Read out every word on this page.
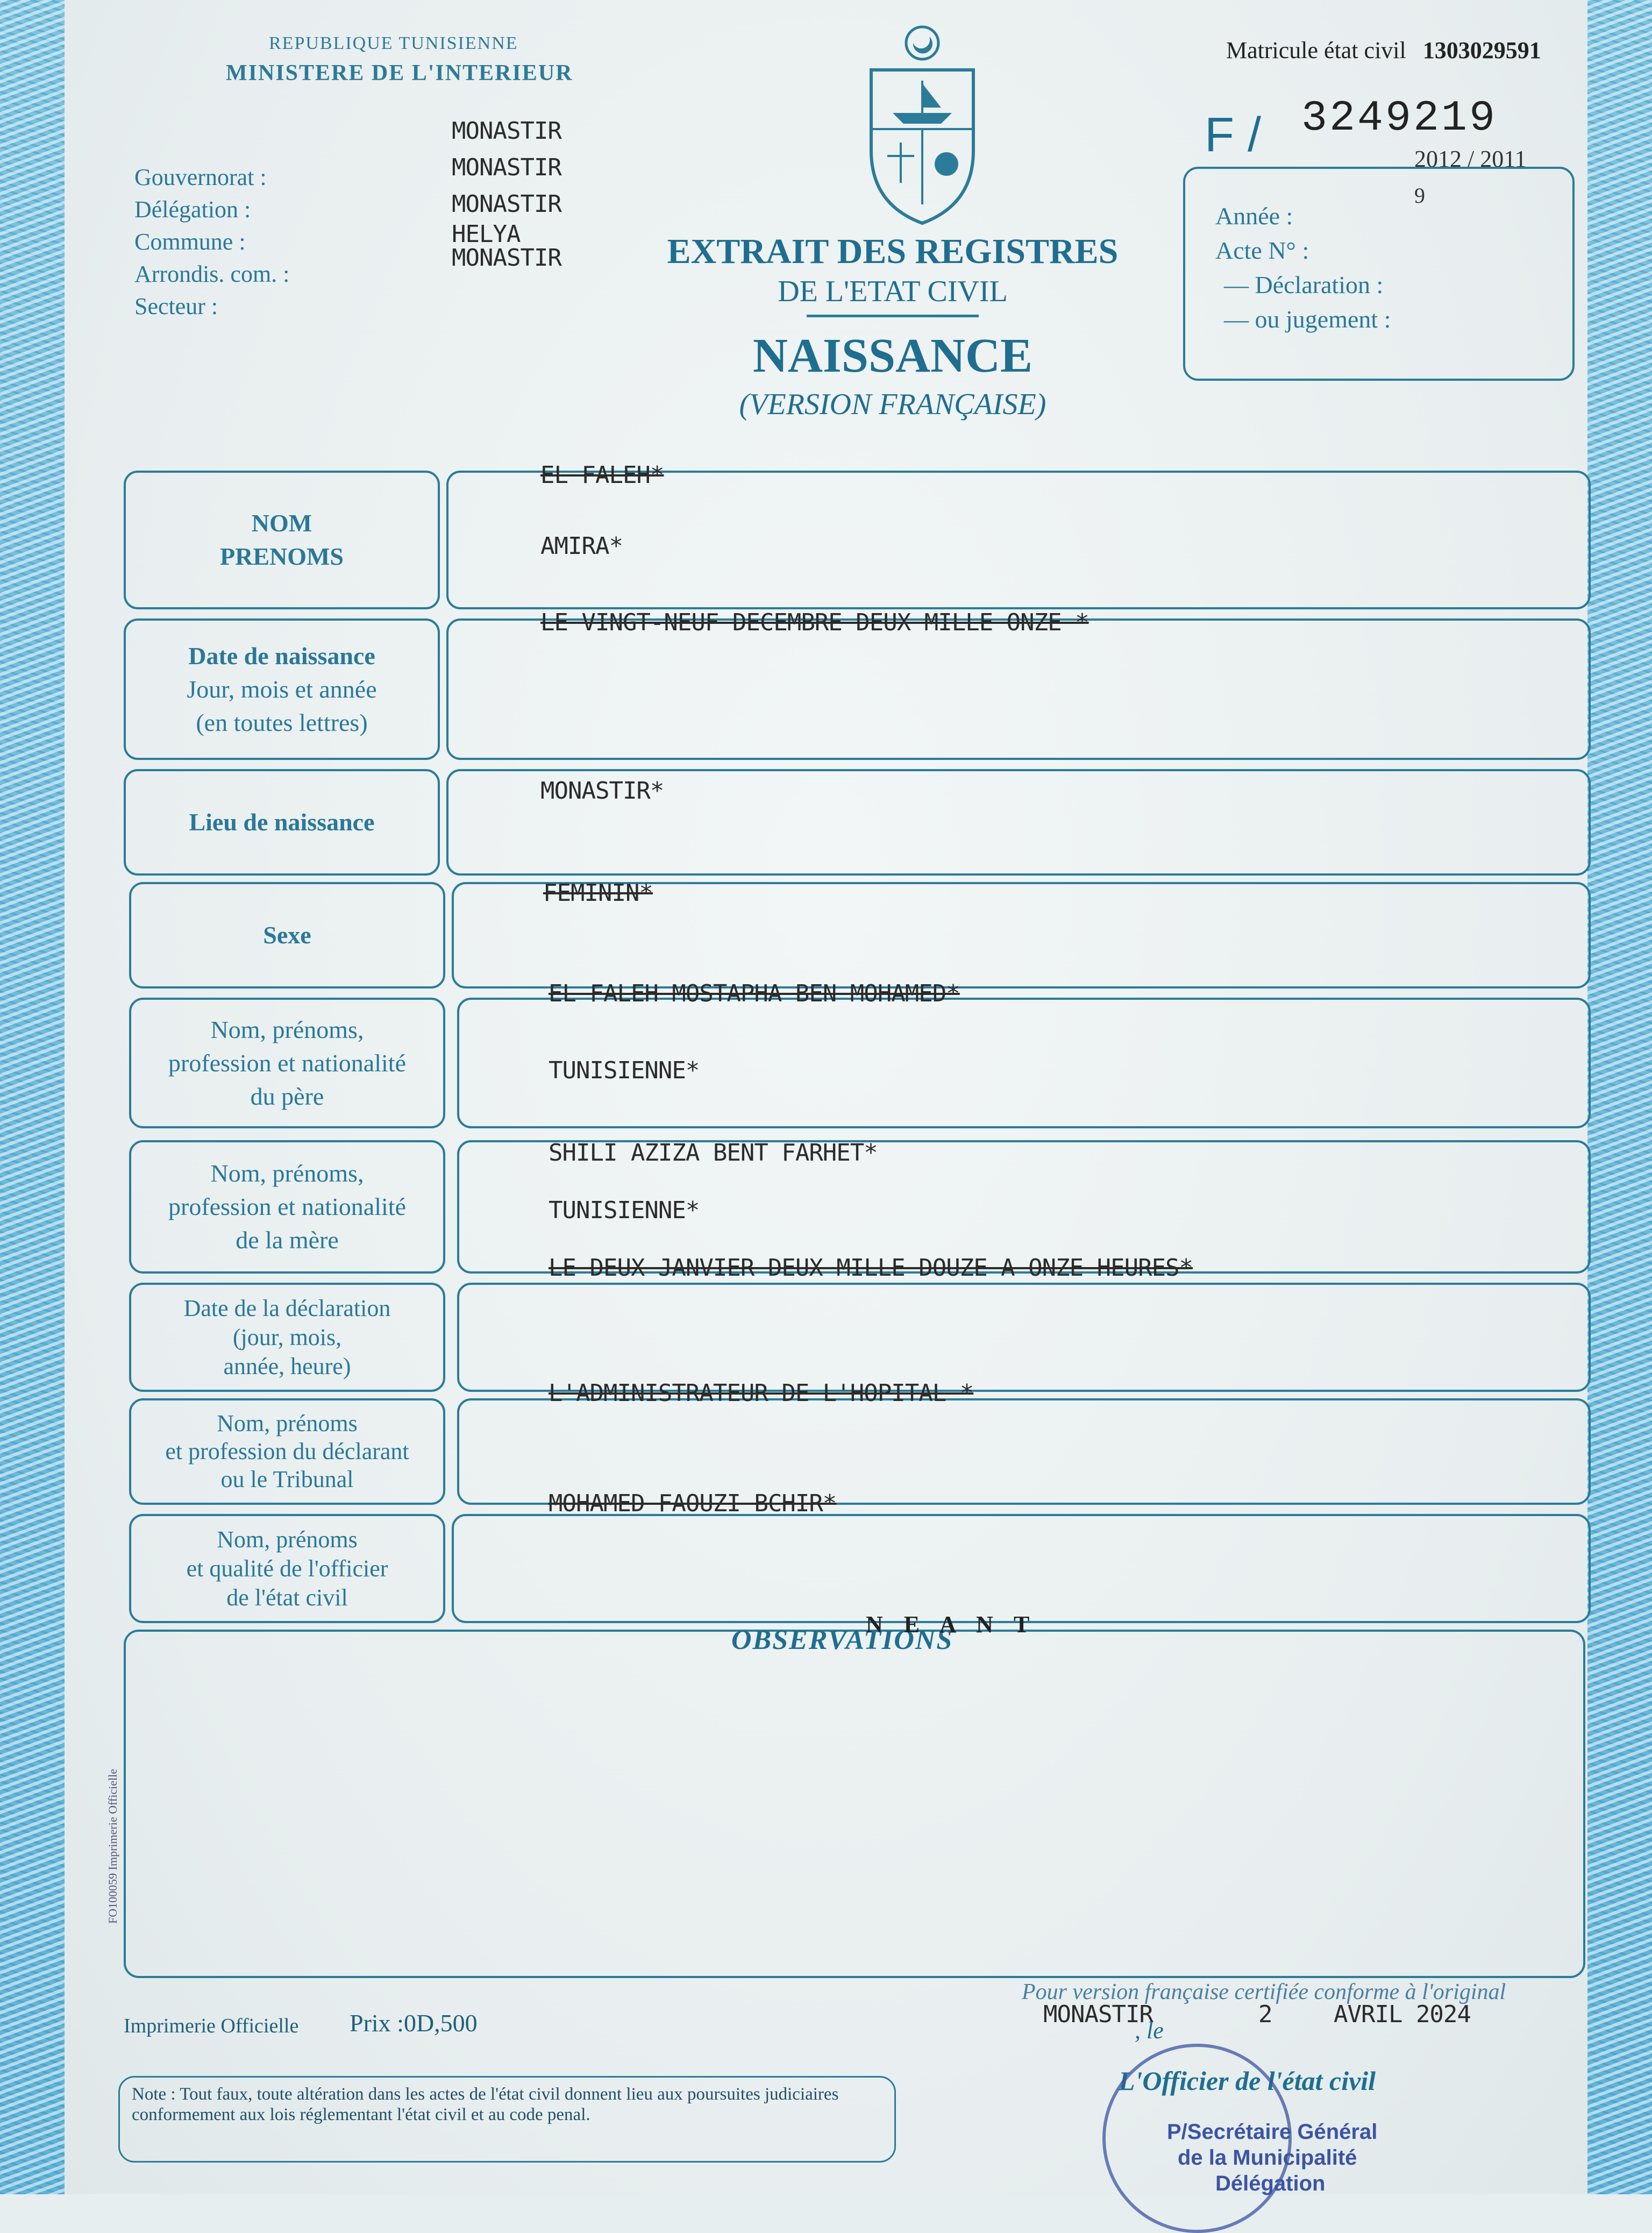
REPUBLIQUE TUNISIENNE
MINISTERE DE L'INTERIEUR
Gouvernorat :
Délégation :
Commune :
Arrondis. com. :
Secteur :
MONASTIR
MONASTIR
MONASTIR
HELYA
MONASTIR
Matricule état civil 1303029591
F / 3249219
2012 / 2011
Année :
Acte N° :
— Déclaration :
— ou jugement :
9
EXTRAIT DES REGISTRES
DE L'ETAT CIVIL
NAISSANCE
(VERSION FRANÇAISE)
NOM
PRENOMS
EL FALEH*
AMIRA*
Date de naissance
Jour, mois et année
(en toutes lettres)
LE VINGT-NEUF DECEMBRE DEUX MILLE ONZE *
Lieu de naissance
MONASTIR*
Sexe
FEMININ*
Nom, prénoms,
profession et nationalité
du père
EL FALEH MOSTAPHA BEN MOHAMED*
TUNISIENNE*
Nom, prénoms,
profession et nationalité
de la mère
SHILI AZIZA BENT FARHET*
TUNISIENNE*
Date de la déclaration
(jour, mois,
année, heure)
LE DEUX JANVIER DEUX MILLE DOUZE A ONZE HEURES*
Nom, prénoms
et profession du déclarant
ou le Tribunal
L'ADMINISTRATEUR DE L'HOPITAL *
Nom, prénoms
et qualité de l'officier
de l'état civil
MOHAMED FAOUZI BCHIR*
OBSERVATIONS
N E A N T
FO100059 Imprimerie Officielle
Imprimerie Officielle Prix :0D,500
Note : Tout faux, toute altération dans les actes de l'état civil donnent lieu aux poursuites judiciaires conformement aux lois réglementant l'état civil et au code penal.
Pour version française certifiée conforme à l'original
MONASTIR
, le
2	AVRIL 2024
L'Officier de l'état civil
P/Secrétaire Général
de la Municipalité
Délégation
